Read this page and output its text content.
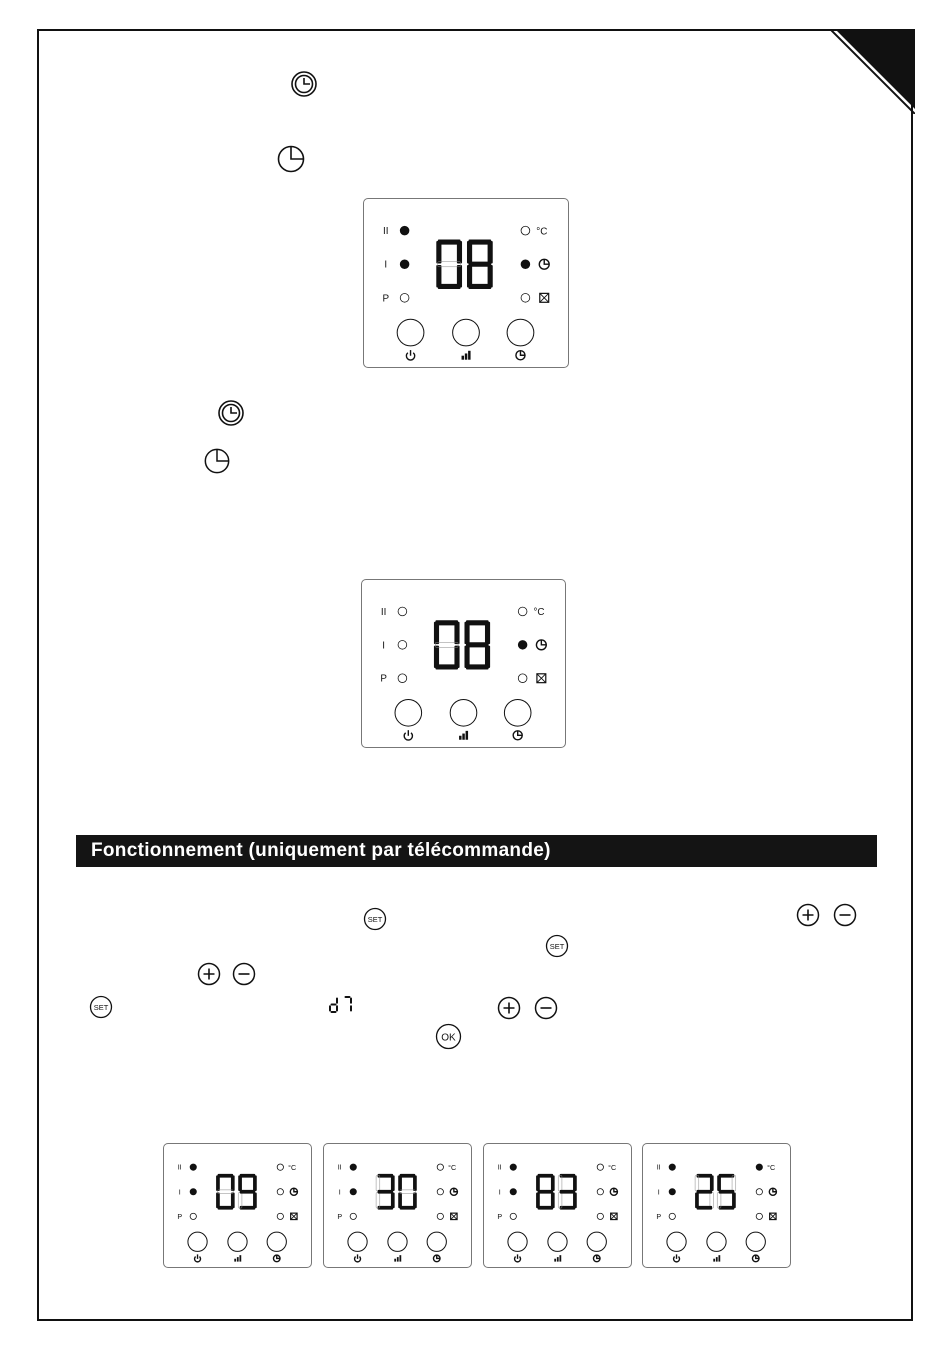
II
I
P
°C
II
I
P
°C
Fonctionnement (uniquement par télécommande)
SET
SET
SET
OK
II
I
P
°C	II
I
P
°C	II
I
P
°C	II
I
P
°C
